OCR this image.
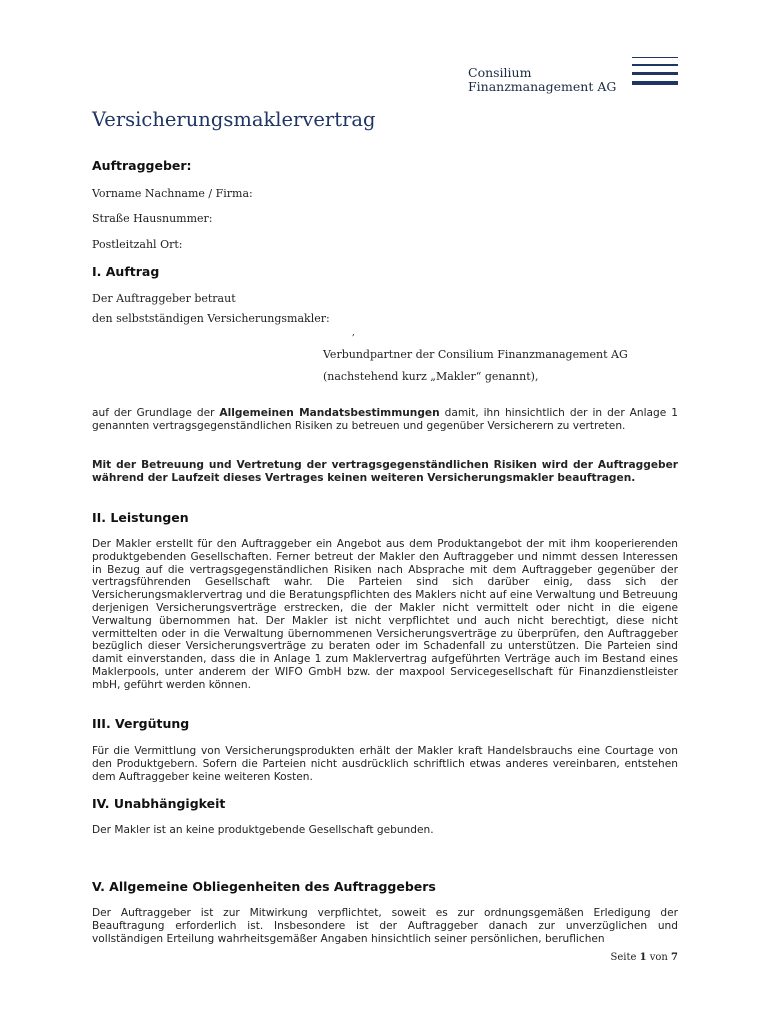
Consilium
Finanzmanagement AG
Versicherungsmaklervertrag
Auftraggeber:
Vorname Nachname / Firma:
Straße Hausnummer:
Postleitzahl Ort:
I. Auftrag
Der Auftraggeber betraut
den selbstständigen Versicherungsmakler:
,
Verbundpartner der Consilium Finanzmanagement AG
(nachstehend kurz „Makler“ genannt),
auf der Grundlage der Allgemeinen Mandatsbestimmungen damit, ihn hinsichtlich der in der Anlage 1 genannten vertragsgegenständlichen Risiken zu betreuen und gegenüber Versicherern zu vertreten.
Mit der Betreuung und Vertretung der vertragsgegenständlichen Risiken wird der Auftraggeber während der Laufzeit dieses Vertrages keinen weiteren Versicherungsmakler beauftragen.
II. Leistungen
Der Makler erstellt für den Auftraggeber ein Angebot aus dem Produktangebot der mit ihm kooperierenden produktgebenden Gesellschaften. Ferner betreut der Makler den Auftraggeber und nimmt dessen Interessen in Bezug auf die vertragsgegenständlichen Risiken nach Absprache mit dem Auftraggeber gegenüber der vertragsführenden Gesellschaft wahr. Die Parteien sind sich darüber einig, dass sich der Versicherungsmaklervertrag und die Beratungspflichten des Maklers nicht auf eine Verwaltung und Betreuung derjenigen Versicherungsverträge erstrecken, die der Makler nicht vermittelt oder nicht in die eigene Verwaltung übernommen hat. Der Makler ist nicht verpflichtet und auch nicht berechtigt, diese nicht vermittelten oder in die Verwaltung übernommenen Versicherungsverträge zu überprüfen, den Auftraggeber bezüglich dieser Versicherungsverträge zu beraten oder im Schadenfall zu unterstützen. Die Parteien sind damit einverstanden, dass die in Anlage 1 zum Maklervertrag aufgeführten Verträge auch im Bestand eines Maklerpools, unter anderem der WIFO GmbH bzw. der maxpool Servicegesellschaft für Finanzdienstleister mbH, geführt werden können.
III. Vergütung
Für die Vermittlung von Versicherungsprodukten erhält der Makler kraft Handelsbrauchs eine Courtage von den Produktgebern. Sofern die Parteien nicht ausdrücklich schriftlich etwas anderes vereinbaren, entstehen dem Auftraggeber keine weiteren Kosten.
IV. Unabhängigkeit
Der Makler ist an keine produktgebende Gesellschaft gebunden.
V. Allgemeine Obliegenheiten des Auftraggebers
Der Auftraggeber ist zur Mitwirkung verpflichtet, soweit es zur ordnungsgemäßen Erledigung der Beauftragung erforderlich ist. Insbesondere ist der Auftraggeber danach zur unverzüglichen und vollständigen Erteilung wahrheitsgemäßer Angaben hinsichtlich seiner persönlichen, beruflichen
Seite 1 von 7
